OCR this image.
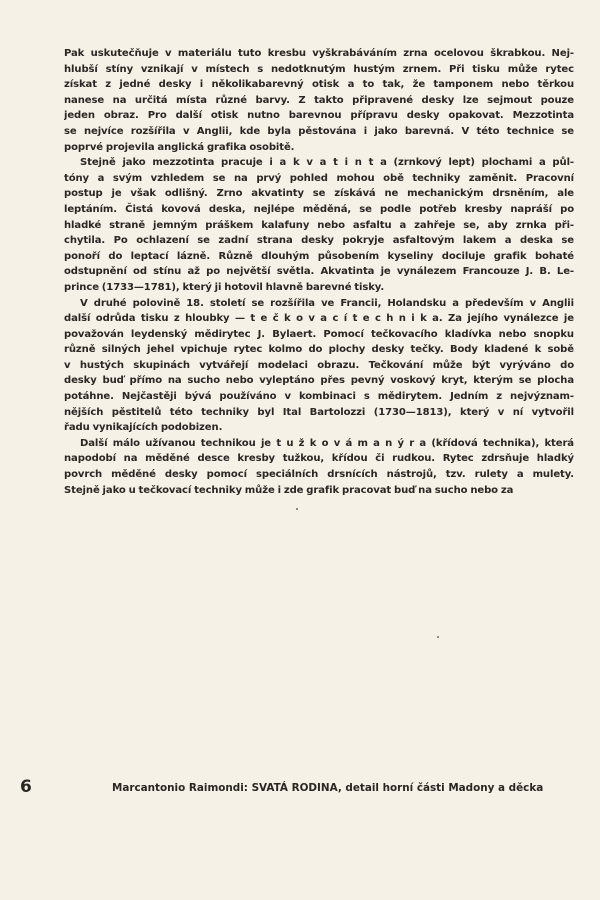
Pak uskutečňuje v materiálu tuto kresbu vyškrabáváním zrna ocelovou škrabkou. Nej-
hlubší stíny vznikají v místech s nedotknutým hustým zrnem. Při tisku může rytec
získat z jedné desky i několikabarevný otisk a to tak, že tamponem nebo těrkou
nanese na určitá místa různé barvy. Z takto připravené desky lze sejmout pouze
jeden obraz. Pro další otisk nutno barevnou přípravu desky opakovat. Mezzotinta
se nejvíce rozšířila v Anglii, kde byla pěstována i jako barevná. V této technice se
poprvé projevila anglická grafika osobitě.

Stejně jako mezzotinta pracuje i a k v a t i n t a (zrnkový lept) plochami a půl-
tóny a svým vzhledem se na prvý pohled mohou obě techniky zaměnit. Pracovní
postup je však odlišný. Zrno akvatinty se získává ne mechanickým drsněním, ale
leptáním. Čistá kovová deska, nejlépe měděná, se podle potřeb kresby napráší po
hladké straně jemným práškem kalafuny nebo asfaltu a zahřeje se, aby zrnka při-
chytila. Po ochlazení se zadní strana desky pokryje asfaltovým lakem a deska se
ponoří do leptací lázně. Různě dlouhým působením kyseliny dociluje grafik bohaté
odstupnění od stínu až po největší světla. Akvatinta je vynálezem Francouze J. B. Le-
prince (1733—1781), který ji hotovil hlavně barevné tisky.

V druhé polovině 18. století se rozšířila ve Francii, Holandsku a především v Anglii
další odrůda tisku z hloubky — t e č k o v a c í t e c h n i k a. Za jejího vynálezce je
považován leydenský mědirytec J. Bylaert. Pomocí tečkovacího kladívka nebo snopku
různě silných jehel vpichuje rytec kolmo do plochy desky tečky. Body kladené k sobě
v hustých skupinách vytvářejí modelaci obrazu. Tečkování může být vyrýváno do
desky buď přímo na sucho nebo vyleptáno přes pevný voskový kryt, kterým se plocha
potáhne. Nejčastěji bývá používáno v kombinaci s mědirytem. Jedním z nejvýznam-
nějších pěstitelů této techniky byl Ital Bartolozzi (1730—1813), který v ní vytvořil
řadu vynikajících podobizen.

Další málo užívanou technikou je t u ž k o v á m a n ý r a (křídová technika), která
napodobí na měděné desce kresby tužkou, křídou či rudkou. Rytec zdrsňuje hladký
povrch měděné desky pomocí speciálních drsnících nástrojů, tzv. rulety a mulety.
Stejně jako u tečkovací techniky může i zde grafik pracovat buď na sucho nebo za

6	Marcantonio Raimondi: SVATÁ RODINA, detail horní části Madony a děcka
